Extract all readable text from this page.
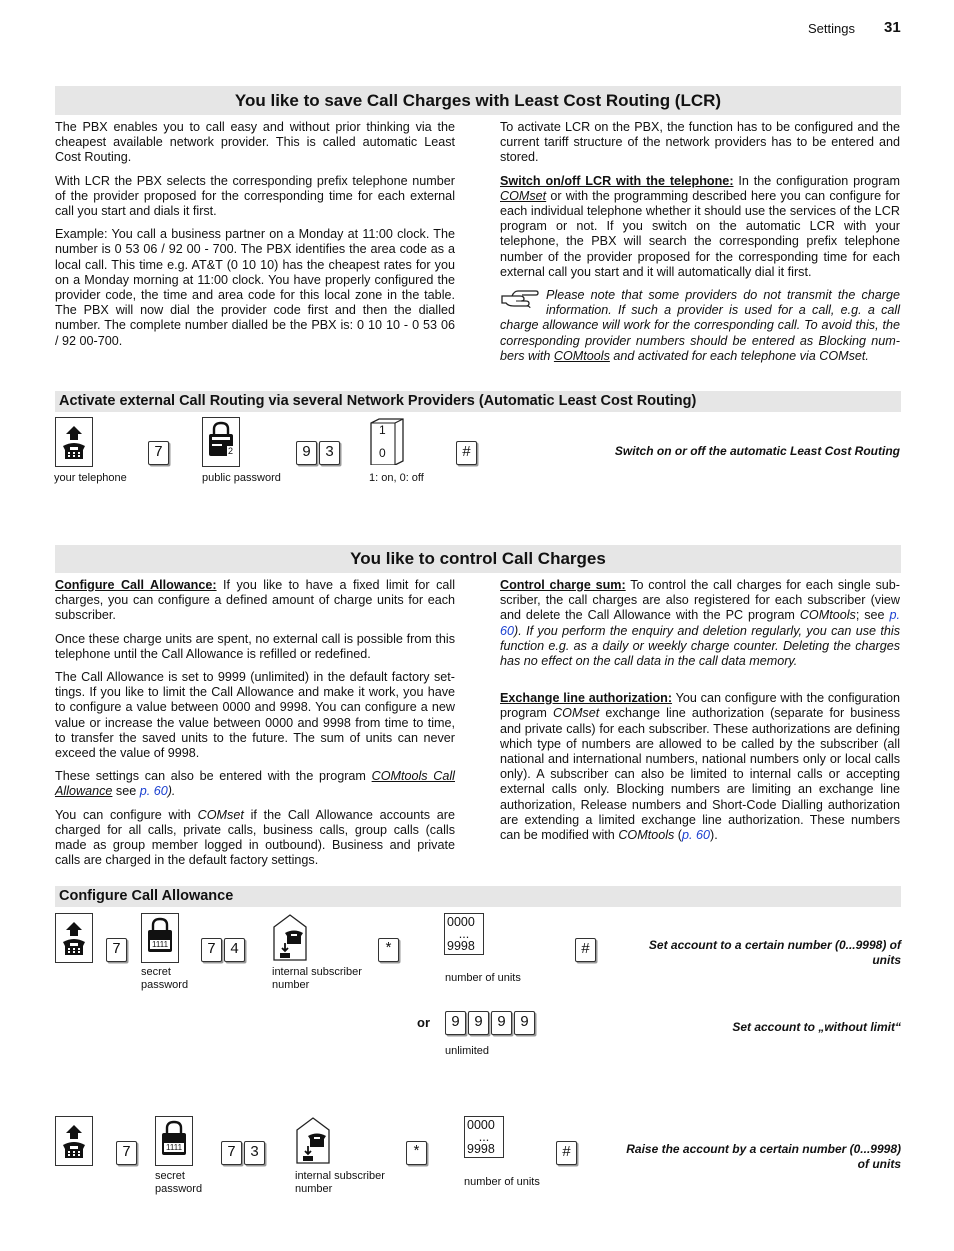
Settings 31
You like to save Call Charges with Least Cost Routing (LCR)

The PBX enables you to call easy and without prior thinking via the cheapest available network provider. This is called automatic Least Cost Routing.

With LCR the PBX selects the corresponding prefix telephone number of the provider proposed for the corresponding time for each external call you start and dials it first.

Example: You call a business partner on a Monday at 11:00 clock. The number is 0 53 06 / 92 00 - 700. The PBX identifies the area code as a local call. This time e.g. AT&T (0 10 10) has the cheapest rates for you on a Monday morning at 11:00 clock. You have properly configured the provider code, the time and area code for this local zone in the table. The PBX will now dial the provider code first and then the dialled number. The complete number dialled be the PBX is: 0 10 10 - 0 53 06 / 92 00-700.

To activate LCR on the PBX, the function has to be configured and the current tariff structure of the network providers has to be entered and stored.

Switch on/off LCR with the telephone: In the configuration program COMset or with the programming described here you can configure for each individual telephone whether it should use the services of the LCR program or not. If you switch on the automatic LCR with your telephone, the PBX will search the corresponding prefix telephone number of the provider proposed for the corresponding time for each external call you start and it will automatically dial it first.

Please note that some providers do not transmit the charge information. If such a provider is used for a call, e.g. a call charge allowance will work for the corresponding call. To avoid this, the corresponding provider numbers should be entered as Blocking num-bers with COMtools and activated for each telephone via COMset.
Activate external Call Routing via several Network Providers (Automatic Least Cost Routing)
your telephone
7	2
public password
9 3
1
0
1: on, 0: off
#	Switch on or off the automatic Least Cost Routing
You like to control Call Charges

Configure Call Allowance: If you like to have a fixed limit for call charges, you can configure a defined amount of charge units for each subscriber.

Once these charge units are spent, no external call is possible from this telephone until the Call Allowance is refilled or redefined.

The Call Allowance is set to 9999 (unlimited) in the default factory set-tings. If you like to limit the Call Allowance and make it work, you have to configure a value between 0000 and 9998. You can configure a new value or increase the value between 0000 and 9998 from time to time, to transfer the saved units to the future. The sum of units can never exceed the value of 9998.

These settings can also be entered with the program COMtools Call Allowance see p. 60).

You can configure with COMset if the Call Allowance accounts are charged for all calls, private calls, business calls, group calls (calls made as group member logged in outbound). Business and private calls are charged in the default factory settings.

Control charge sum: To control the call charges for each single sub-scriber, the call charges are also registered for each subscriber (view and delete the Call Allowance with the PC program COMtools; see p. 60). If you perform the enquiry and deletion regularly, you can use this function e.g. as a daily or weekly charge counter. Deleting the charges has no effect on the call data in the call data memory.

Exchange line authorization: You can configure with the configuration program COMset exchange line authorization (separate for business and private calls) for each subscriber. These authorizations are defining which type of numbers are allowed to be called by the subscriber (all national and international numbers, national numbers only or local calls only). A subscriber can also be limited to internal calls or accepting external calls only. Blocking numbers are limiting an exchange line authorization, Release numbers and Short-Code Dialling authorization are extending a limited exchange line authorization. These numbers can be modified with COMtools (p. 60).

Configure Call Allowance
7	1111
secret
password
7 4
internal subscriber
number
*
0000
...
9998
number of units
#	Set account to a certain number (0...9998) of units
or	9 9 9 9
unlimited
Set account to „without limit“
7	1111
secret
password
7 3
internal subscriber
number
*
0000
...
9998
number of units
#	Raise the account by a certain number (0...9998) of units
